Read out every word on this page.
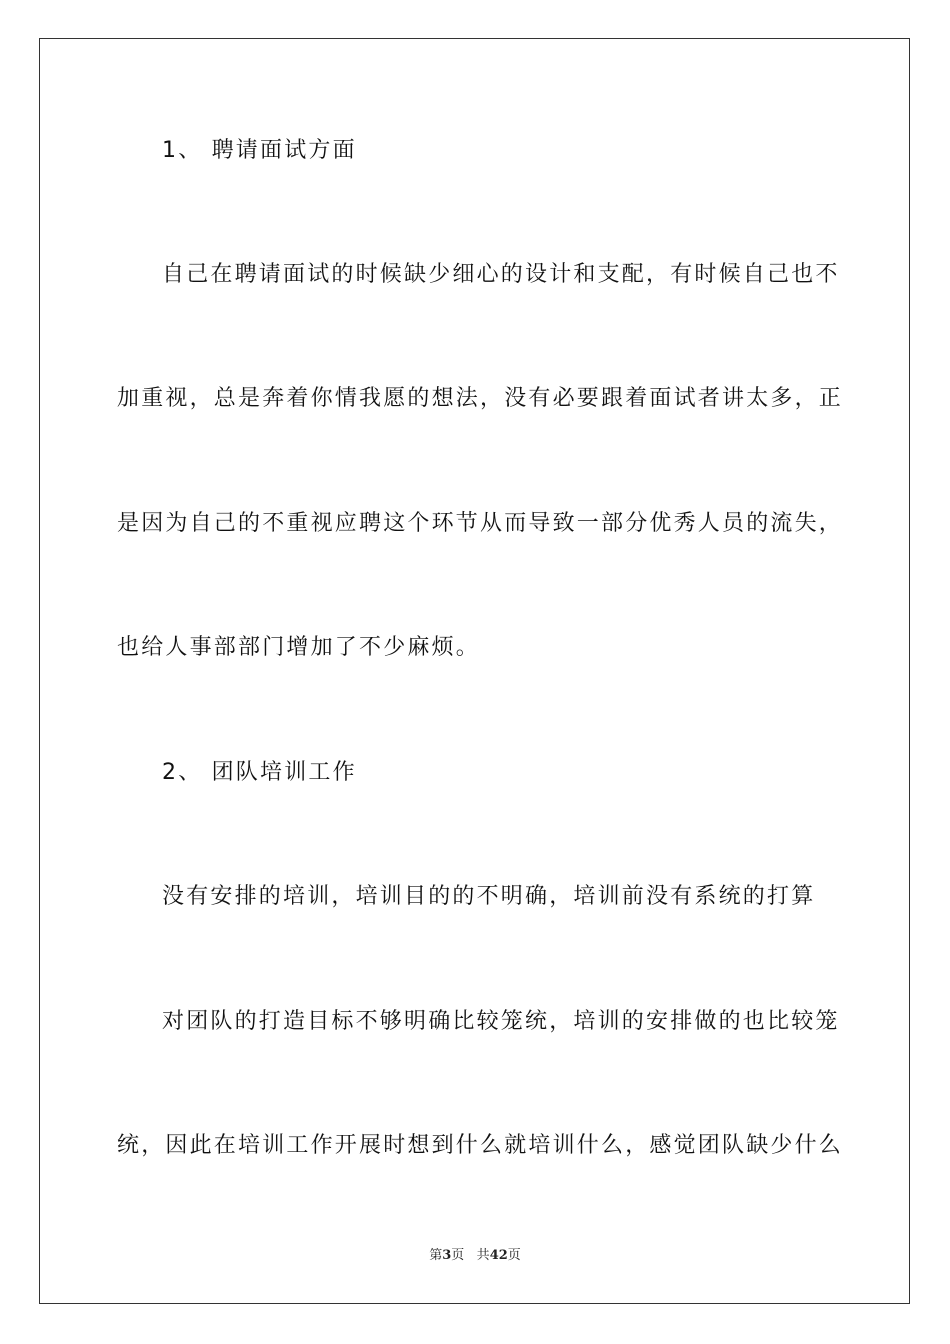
1、 聘请面试方面
自己在聘请面试的时候缺少细心的设计和支配，有时候自己也不
加重视，总是奔着你情我愿的想法，没有必要跟着面试者讲太多，正
是因为自己的不重视应聘这个环节从而导致一部分优秀人员的流失，
也给人事部部门增加了不少麻烦。
2、 团队培训工作
没有安排的培训，培训目的的不明确，培训前没有系统的打算
对团队的打造目标不够明确比较笼统，培训的安排做的也比较笼
统，因此在培训工作开展时想到什么就培训什么，感觉团队缺少什么
第3页 共42页
